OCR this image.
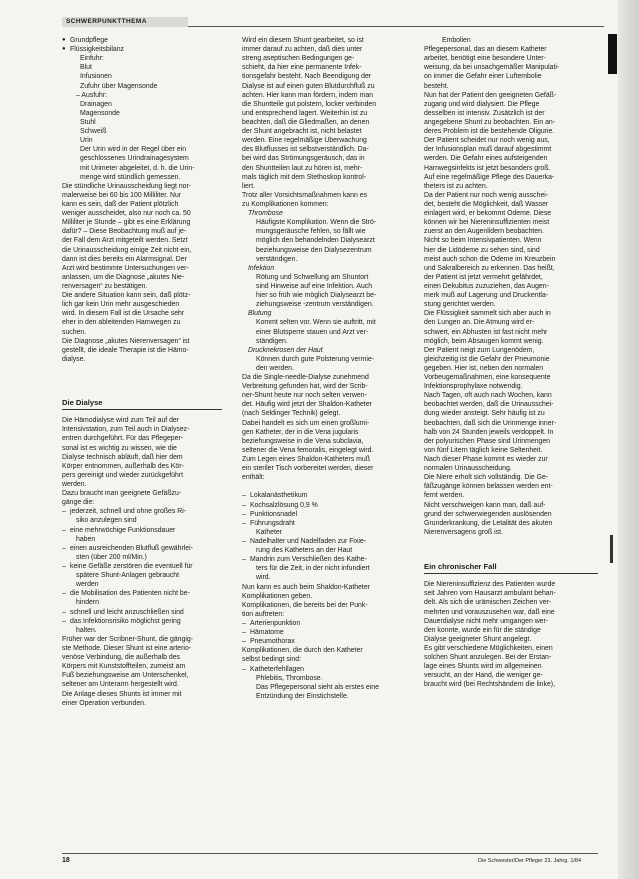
SCHWERPUNKTTHEMA
● Grundpflege
● Flüssigkeitsbilanz
Einfuhr:
Blut
Infusionen
Zufuhr über Magensonde
– Ausfuhr:
Drainagen
Magensonde
Stuhl
Schweiß
Urin
Der Urin wird in der Regel über ein
geschlossenes Urindrainagesystem
mit Urimeter abgeleitet, d. h. die Urin-
menge wird stündlich gemessen.
Die stündliche Urinausscheidung liegt nor-
malerweise bei 60 bis 100 Milliliter. Nur
kann es sein, daß der Patient plötzlich
weniger ausscheidet, also nur noch ca. 50
Milliliter je Stunde – gibt es eine Erklärung
dafür? – Diese Beobachtung muß auf je-
der Fall dem Arzt mitgeteilt werden. Setzt
die Urinausscheidung einige Zeit nicht ein,
dann ist dies bereits ein Alarmsignal. Der
Arzt wird bestimmte Untersuchungen ver-
anlassen, um die Diagnose „akutes Nie-
renversagen“ zu bestätigen.
Die andere Situation kann sein, daß plötz-
lich gar kein Urin mehr ausgeschieden
wird. In diesem Fall ist die Ursache sehr
eher in den ableitenden Harnwegen zu
suchen.
Die Diagnose „akutes Nierenversagen“ ist
gestellt, die ideale Therapie ist die Hämo-
dialyse.
Die Dialyse
Die Hämodialyse wird zum Teil auf der
Intensivstation, zum Teil auch in Dialysez-
entren durchgeführt. Für das Pflegeper-
sonal ist es wichtig zu wissen, wie die
Dialyse technisch abläuft, daß hier dem
Körper entnommen, außerhalb des Kör-
pers gereinigt und wieder zurückgeführt
werden.
Dazu braucht man geeignete Gefäßzu-
gänge die:
– jederzeit, schnell und ohne großes Ri-
siko anzulegen sind
– eine mehrwöchige Funktionsdauer
haben
– einen ausreichenden Blutfluß gewährlei-
sten (über 200 ml/Min.)
– keine Gefäße zerstören die eventuell für
spätere Shunt-Anlagen gebraucht
werden
– die Mobilisation des Patienten nicht be-
hindern
– schnell und leicht anzuschließen sind
– das Infektionsrisiko möglichst gering
halten.
Früher war der Scribner-Shunt, die gängig-
ste Methode. Dieser Shunt ist eine arterio-
venöse Verbindung, die außerhalb des
Körpers mit Kunststoffteilen, zumeist am
Fuß beziehungsweise am Unterschenkel,
seltener am Unterarm hergestellt wird.
Die Anlage dieses Shunts ist immer mit
einer Operation verbunden.
Wird ein diesem Shunt gearbeitet, so ist
immer darauf zu achten, daß dies unter
streng aseptischen Bedingungen ge-
schieht, da hier eine permanente Infek-
tionsgefahr besteht. Nach Beendigung der
Dialyse ist auf einen guten Blutdurchfluß zu
achten. Hier kann man fördern, indem man
die Shuntteile gut polstern, locker verbinden
und entsprechend lagert. Weiterhin ist zu
beachten, daß die Gliedmaßen, an denen
der Shunt angebracht ist, nicht belastet
werden. Eine regelmäßige Überwachung
des Blutflusses ist selbstverständlich. Da-
bei wird das Strömungsgeräusch, das in
den Shuntteilen laut zu hören ist, mehr-
mals täglich mit dem Stethoskop kontrol-
liert.
Trotz aller Vorsichtsmaßnahmen kann es
zu Komplikationen kommen:
Thrombose
Häufigste Komplikation. Wenn die Strö-
mungsgeräusche fehlen, so fällt wie
möglich den behandelnden Dialysearzt
beziehungsweise den Dialysezentrum
verständigen.
Infektion
Rötung und Schwellung am Shuntort
sind Hinweise auf eine Infektion. Auch
hier so früh wie möglich Dialysearzt be-
ziehungsweise -zentrum verständigen.
Blutung
Kommt selten vor. Wenn sie auftritt, mit
einer Blutsperre stauen und Arzt ver-
ständigen.
Drucknekrosen der Haut
Können durch gute Polsterung vermie-
den werden.
Da die Single-needle-Dialyse zunehmend
Verbreitung gefunden hat, wird der Scrib-
ner-Shunt heute nur noch selten verwen-
det. Häufig wird jetzt der Shaldon-Katheter
(nach Seldinger Technik) gelegt.
Dabei handelt es sich um einen großlumi-
gen Katheter, der in die Vena jugularis
beziehungsweise in die Vena subclavia,
seltener die Vena femoralis, eingelegt wird.
Zum Legen eines Shaldon-Katheters muß
ein steriler Tisch vorbereitet werden, dieser
enthält:
– Lokalanästhetikum
– Kochsalzlösung 0,9 %
– Punktionsnadel
– Führungsdraht
Katheter
– Nadelhalter und Nadelfaden zur Fixie-
rung des Katheters an der Haut
– Mandrin zum Verschließen des Kathe-
ters für die Zeit, in der nicht infundiert
wird.
Nun kann es auch beim Shaldon-Katheter
Komplikationen geben.
Komplikationen, die bereits bei der Punk-
tion auftreten:
– Arterienpunktion
– Hämatome
– Pneumothorax
Komplikationen, die durch den Katheter
selbst bedingt sind:
– Katheterfehllagen
Phlebitis, Thrombose.
Das Pflegepersonal sieht als erstes eine
Entzündung der Einstichstelle.
Embolien
Pflegepersonal, das an diesem Katheter
arbeitet, benötigt eine besondere Unter-
weisung, da bei unsachgemäßer Manipulati-
on immer die Gefahr einer Luftembolie
besteht.
Nun hat der Patient den geeigneten Gefäß-
zugang und wird dialysiert. Die Pflege
desselben ist intensiv. Zusätzlich ist der
angegebene Shunt zu beobachten. Ein an-
deres Problem ist die bestehende Oligurie.
Der Patient scheidet nur noch wenig aus,
der Infusionsplan muß darauf abgestimmt
werden. Die Gefahr eines aufsteigenden
Harnwegsinfekts ist jetzt besonders groß.
Auf eine regelmäßige Pflege des Dauerka-
theters ist zu achten.
Da der Patient nur noch wenig ausschei-
det, besteht die Möglichkeit, daß Wasser
einlagert wird, er bekommt Ödeme. Diese
können wir bei Niereninsuffizienten meist
zuerst an den Augenlidern beobachten.
Nicht so beim Intensivpatienten. Wenn
hier die Lidödeme zu sehen sind, sind
meist auch schon die Ödeme im Kreuzbein
und Sakralbereich zu erkennen. Das heißt,
der Patient ist jetzt vermehrt gefährdet,
einen Dekubitus zuzuziehen, das Augen-
merk muß auf Lagerung und Druckentla-
stung gerichtet werden.
Die Flüssigkeit sammelt sich aber auch in
den Lungen an. Die Atmung wird er-
schwert, ein Abhusten ist fast nicht mehr
möglich, beim Absaugen kommt wenig.
Der Patient neigt zum Lungenödem,
gleichzeitig ist die Gefahr der Pneumonie
gegeben. Hier ist, neben den normalen
Vorbeugemaßnahmen, eine konsequente
Infektionsprophylaxe notwendig.
Nach Tagen, oft auch nach Wochen, kann
beobachtet werden, daß die Urinausschei-
dung wieder ansteigt. Sehr häufig ist zu
beobachten, daß sich die Urinmenge inner-
halb von 24 Stunden jeweils verdoppelt. In
der polyurischen Phase sind Urinmengen
von fünf Litern täglich keine Seltenheit.
Nach dieser Phase kommt es wieder zur
normalen Urinausscheidung.
Die Niere erholt sich vollständig. Die Ge-
fäßzugänge können belassen werden ent-
fernt werden.
Nicht verschweigen kann man, daß auf-
grund der schwerwiegenden auslösenden
Grunderkrankung, die Letalität des akuten
Nierenversagens groß ist.
Ein chronischer Fall
Die Niereninsuffizienz des Patienten wurde
seit Jahren vom Hausarzt ambulant behan-
delt. Als sich die urämischen Zeichen ver-
mehrten und vorauszusehen war, daß eine
Dauerdialyse nicht mehr umgangen wer-
den konnte, wurde ein für die ständige
Dialyse geeigneter Shunt angelegt.
Es gibt verschiedene Möglichkeiten, einen
solchen Shunt anzulegen. Bei der Erstan-
lage eines Shunts wird im allgemeinen
versucht, an der Hand, die weniger ge-
braucht wird (bei Rechtshändern die linke),
18	Die Schwester/Der Pfleger 23. Jahrg. 1/84
